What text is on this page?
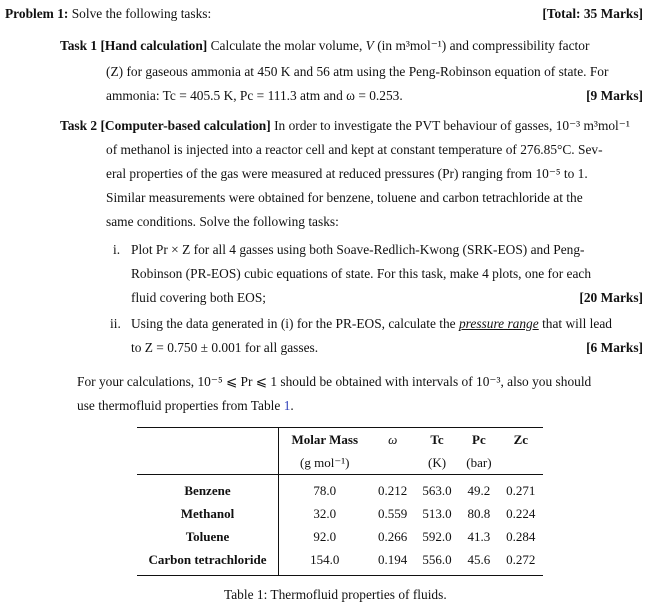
Problem 1: Solve the following tasks:	[Total: 35 Marks]
Task 1 [Hand calculation] Calculate the molar volume, V (in m³mol⁻¹) and compressibility factor
(Z) for gaseous ammonia at 450 K and 56 atm using the Peng-Robinson equation of state. For
ammonia: Tc = 405.5 K, Pc = 111.3 atm and ω = 0.253.	[9 Marks]
Task 2 [Computer-based calculation] In order to investigate the PVT behaviour of gasses, 10⁻³ m³mol⁻¹
of methanol is injected into a reactor cell and kept at constant temperature of 276.85°C. Sev-
eral properties of the gas were measured at reduced pressures (Pr) ranging from 10⁻⁵ to 1.
Similar measurements were obtained for benzene, toluene and carbon tetrachloride at the
same conditions. Solve the following tasks:
i. Plot Pr × Z for all 4 gasses using both Soave-Redlich-Kwong (SRK-EOS) and Peng-
Robinson (PR-EOS) cubic equations of state. For this task, make 4 plots, one for each
fluid covering both EOS;	[20 Marks]
ii. Using the data generated in (i) for the PR-EOS, calculate the pressure range that will lead
to Z = 0.750 ± 0.001 for all gasses.	[6 Marks]
For your calculations, 10⁻⁵ ⩽ Pr ⩽ 1 should be obtained with intervals of 10⁻³, also you should
use thermofluid properties from Table 1.
	Molar Mass	ω	Tc	Pc	Zc
	(g mol⁻¹)		(K)	(bar)	
Benzene	78.0	0.212	563.0	49.2	0.271
Methanol	32.0	0.559	513.0	80.8	0.224
Toluene	92.0	0.266	592.0	41.3	0.284
Carbon tetrachloride	154.0	0.194	556.0	45.6	0.272
Table 1: Thermofluid properties of fluids.
